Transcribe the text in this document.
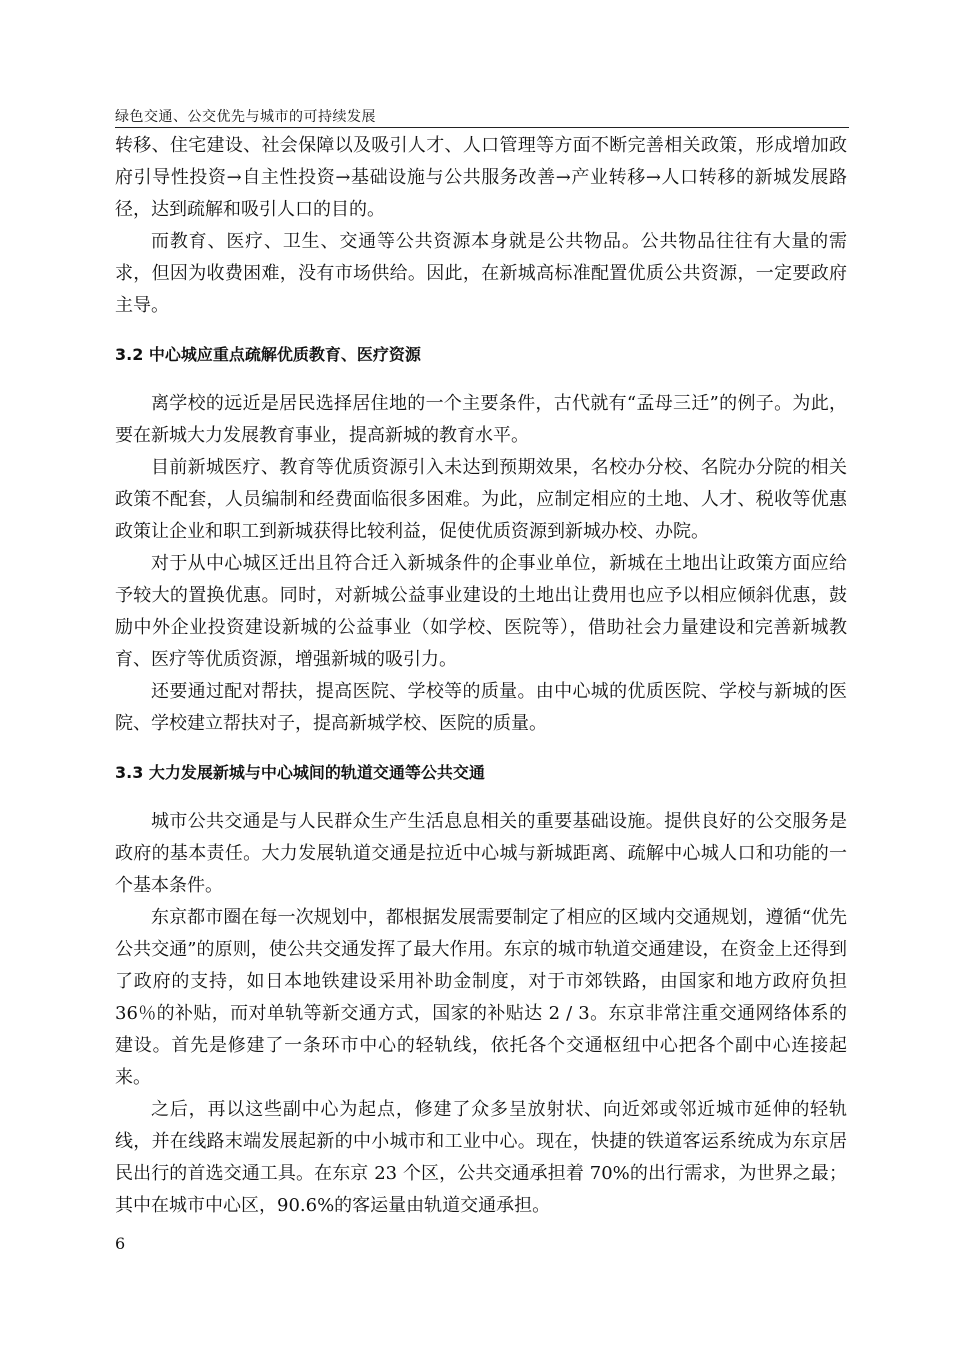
绿色交通、公交优先与城市的可持续发展

转移、住宅建设、社会保障以及吸引人才、人口管理等方面不断完善相关政策，形成增加政府引导性投资→自主性投资→基础设施与公共服务改善→产业转移→人口转移的新城发展路径，达到疏解和吸引人口的目的。

而教育、医疗、卫生、交通等公共资源本身就是公共物品。公共物品往往有大量的需求，但因为收费困难，没有市场供给。因此，在新城高标准配置优质公共资源，一定要政府主导。

3.2 中心城应重点疏解优质教育、医疗资源

离学校的远近是居民选择居住地的一个主要条件，古代就有“孟母三迁”的例子。为此，要在新城大力发展教育事业，提高新城的教育水平。

目前新城医疗、教育等优质资源引入未达到预期效果，名校办分校、名院办分院的相关政策不配套，人员编制和经费面临很多困难。为此，应制定相应的土地、人才、税收等优惠政策让企业和职工到新城获得比较利益，促使优质资源到新城办校、办院。

对于从中心城区迁出且符合迁入新城条件的企事业单位，新城在土地出让政策方面应给予较大的置换优惠。同时，对新城公益事业建设的土地出让费用也应予以相应倾斜优惠，鼓励中外企业投资建设新城的公益事业（如学校、医院等），借助社会力量建设和完善新城教育、医疗等优质资源，增强新城的吸引力。

还要通过配对帮扶，提高医院、学校等的质量。由中心城的优质医院、学校与新城的医院、学校建立帮扶对子，提高新城学校、医院的质量。

3.3 大力发展新城与中心城间的轨道交通等公共交通

城市公共交通是与人民群众生产生活息息相关的重要基础设施。提供良好的公交服务是政府的基本责任。大力发展轨道交通是拉近中心城与新城距离、疏解中心城人口和功能的一个基本条件。

东京都市圈在每一次规划中，都根据发展需要制定了相应的区域内交通规划，遵循“优先公共交通”的原则，使公共交通发挥了最大作用。东京的城市轨道交通建设，在资金上还得到了政府的支持，如日本地铁建设采用补助金制度，对于市郊铁路，由国家和地方政府负担 36％的补贴，而对单轨等新交通方式，国家的补贴达 2 / 3。东京非常注重交通网络体系的建设。首先是修建了一条环市中心的轻轨线，依托各个交通枢纽中心把各个副中心连接起来。

之后，再以这些副中心为起点，修建了众多呈放射状、向近郊或邻近城市延伸的轻轨线，并在线路末端发展起新的中小城市和工业中心。现在，快捷的铁道客运系统成为东京居民出行的首选交通工具。在东京 23 个区，公共交通承担着 70%的出行需求，为世界之最；其中在城市中心区，90.6%的客运量由轨道交通承担。

6
